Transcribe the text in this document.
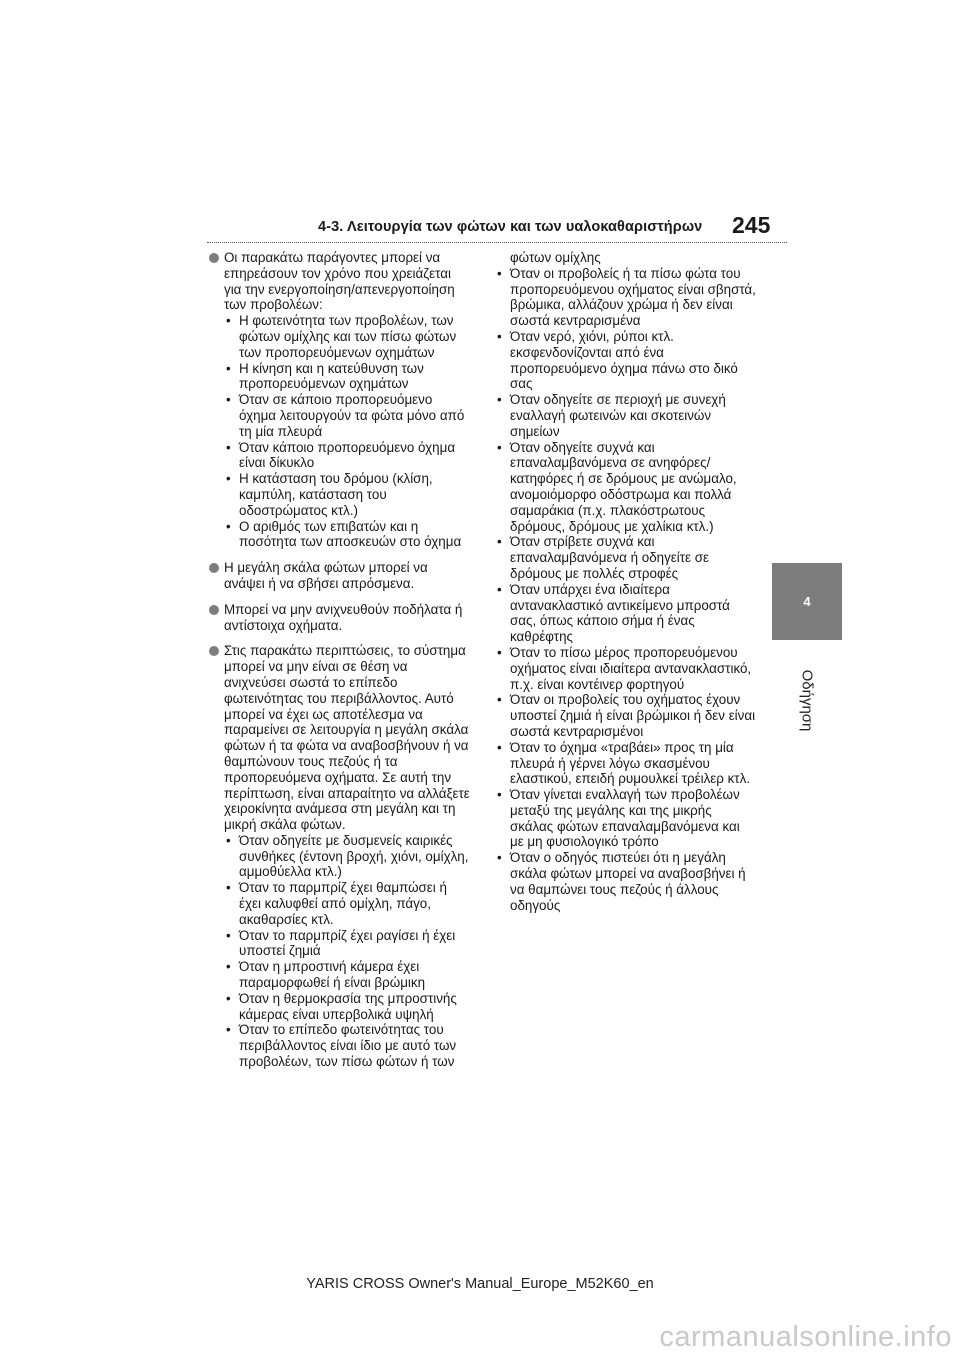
4-3. Λειτουργία των φώτων και των υαλοκαθαριστήρων 245
4
Οδήγηση
Οι παρακάτω παράγοντες μπορεί να επηρεάσουν τον χρόνο που χρειάζεται για την ενεργοποίηση/απενεργοποίηση των προβολέων:
• Η φωτεινότητα των προβολέων, των φώτων ομίχλης και των πίσω φώτων των προπορευόμενων οχημάτων
• Η κίνηση και η κατεύθυνση των προπορευόμενων οχημάτων
• Όταν σε κάποιο προπορευόμενο όχημα λειτουργούν τα φώτα μόνο από τη μία πλευρά
• Όταν κάποιο προπορευόμενο όχημα είναι δίκυκλο
• Η κατάσταση του δρόμου (κλίση, καμπύλη, κατάσταση του οδοστρώματος κτλ.)
• Ο αριθμός των επιβατών και η ποσότητα των αποσκευών στο όχημα
Η μεγάλη σκάλα φώτων μπορεί να ανάψει ή να σβήσει απρόσμενα.
Μπορεί να μην ανιχνευθούν ποδήλατα ή αντίστοιχα οχήματα.
Στις παρακάτω περιπτώσεις, το σύστημα μπορεί να μην είναι σε θέση να ανιχνεύσει σωστά το επίπεδο φωτεινότητας του περιβάλλοντος. Αυτό μπορεί να έχει ως αποτέλεσμα να παραμείνει σε λειτουργία η μεγάλη σκάλα φώτων ή τα φώτα να αναβοσβήνουν ή να θαμπώνουν τους πεζούς ή τα προπορευόμενα οχήματα. Σε αυτή την περίπτωση, είναι απαραίτητο να αλλάξετε χειροκίνητα ανάμεσα στη μεγάλη και τη μικρή σκάλα φώτων.
• Όταν οδηγείτε με δυσμενείς καιρικές συνθήκες (έντονη βροχή, χιόνι, ομίχλη, αμμοθύελλα κτλ.)
• Όταν το παρμπρίζ έχει θαμπώσει ή έχει καλυφθεί από ομίχλη, πάγο, ακαθαρσίες κτλ.
• Όταν το παρμπρίζ έχει ραγίσει ή έχει υποστεί ζημιά
• Όταν η μπροστινή κάμερα έχει παραμορφωθεί ή είναι βρώμικη
• Όταν η θερμοκρασία της μπροστινής κάμερας είναι υπερβολικά υψηλή
• Όταν το επίπεδο φωτεινότητας του περιβάλλοντος είναι ίδιο με αυτό των προβολέων, των πίσω φώτων ή των
φώτων ομίχλης
• Όταν οι προβολείς ή τα πίσω φώτα του προπορευόμενου οχήματος είναι σβηστά, βρώμικα, αλλάζουν χρώμα ή δεν είναι σωστά κεντραρισμένα
• Όταν νερό, χιόνι, ρύποι κτλ. εκσφενδονίζονται από ένα προπορευόμενο όχημα πάνω στο δικό σας
• Όταν οδηγείτε σε περιοχή με συνεχή εναλλαγή φωτεινών και σκοτεινών σημείων
• Όταν οδηγείτε συχνά και επαναλαμβανόμενα σε ανηφόρες/κατηφόρες ή σε δρόμους με ανώμαλο, ανομοιόμορφο οδόστρωμα και πολλά σαμαράκια (π.χ. πλακόστρωτους δρόμους, δρόμους με χαλίκια κτλ.)
• Όταν στρίβετε συχνά και επαναλαμβανόμενα ή οδηγείτε σε δρόμους με πολλές στροφές
• Όταν υπάρχει ένα ιδιαίτερα αντανακλαστικό αντικείμενο μπροστά σας, όπως κάποιο σήμα ή ένας καθρέφτης
• Όταν το πίσω μέρος προπορευόμενου οχήματος είναι ιδιαίτερα αντανακλαστικό, π.χ. είναι κοντέινερ φορτηγού
• Όταν οι προβολείς του οχήματος έχουν υποστεί ζημιά ή είναι βρώμικοι ή δεν είναι σωστά κεντραρισμένοι
• Όταν το όχημα «τραβάει» προς τη μία πλευρά ή γέρνει λόγω σκασμένου ελαστικού, επειδή ρυμουλκεί τρέιλερ κτλ.
• Όταν γίνεται εναλλαγή των προβολέων μεταξύ της μεγάλης και της μικρής σκάλας φώτων επαναλαμβανόμενα και με μη φυσιολογικό τρόπο
• Όταν ο οδηγός πιστεύει ότι η μεγάλη σκάλα φώτων μπορεί να αναβοσβήνει ή να θαμπώνει τους πεζούς ή άλλους οδηγούς
YARIS CROSS Owner's Manual_Europe_M52K60_en
carmanualsonline.info
